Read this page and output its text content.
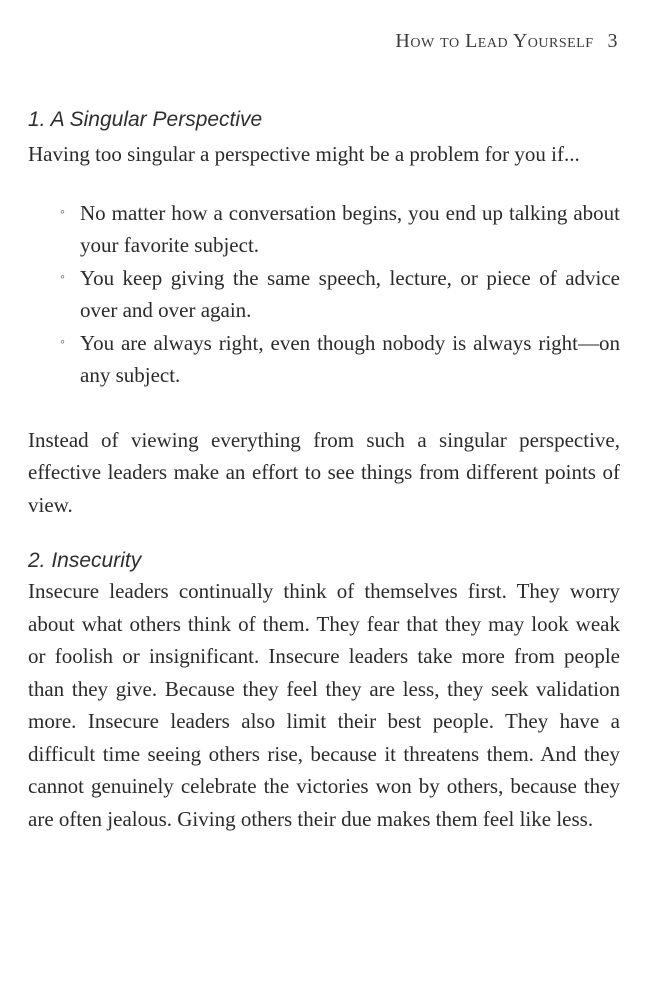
How to Lead Yourself 3
1. A Singular Perspective

Having too singular a perspective might be a problem for you if...

◦ No matter how a conversation begins, you end up talking about your favorite subject.
◦ You keep giving the same speech, lecture, or piece of advice over and over again.
◦ You are always right, even though nobody is always right—on any subject.

Instead of viewing everything from such a singular perspective, effective leaders make an effort to see things from different points of view.

2. Insecurity

Insecure leaders continually think of themselves first. They worry about what others think of them. They fear that they may look weak or foolish or insignificant. Insecure leaders take more from people than they give. Because they feel they are less, they seek validation more. Insecure leaders also limit their best people. They have a difficult time seeing others rise, because it threatens them. And they cannot genuinely celebrate the victories won by others, because they are often jealous. Giving others their due makes them feel like less.
